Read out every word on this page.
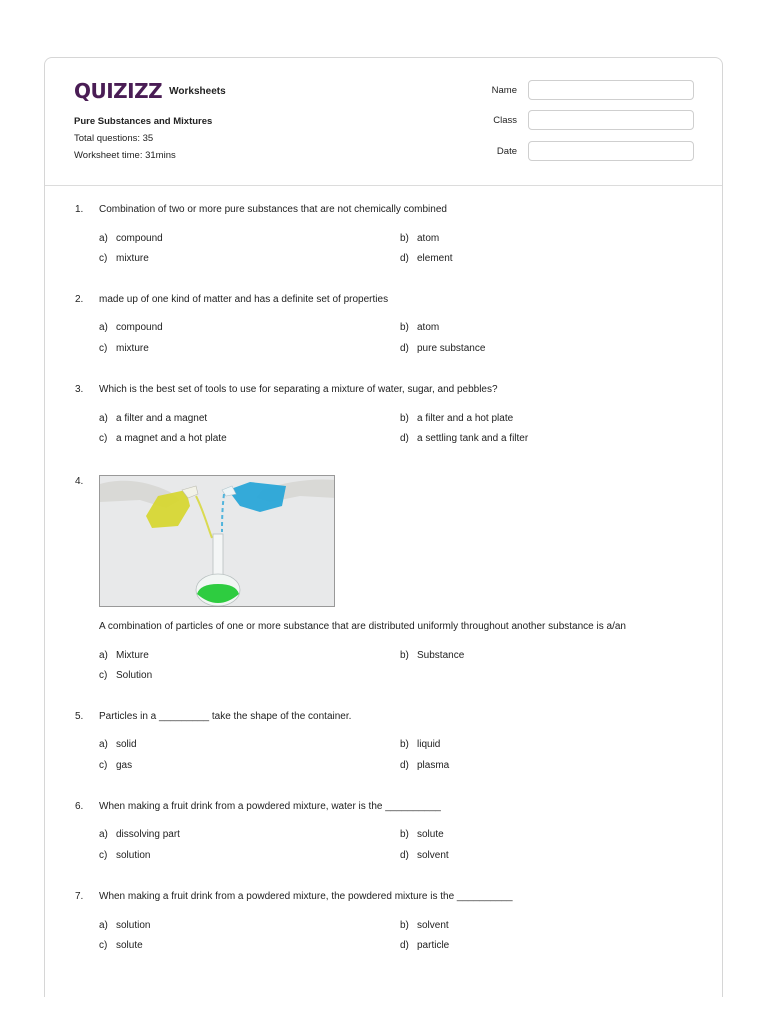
QUIZIZZ Worksheets
Pure Substances and Mixtures
Total questions: 35
Worksheet time: 31mins
Name
Class
Date
1.	Combination of two or more pure substances that are not chemically combined
a) compound	b) atom
c) mixture	d) element
2.	made up of one kind of matter and has a definite set of properties
a) compound	b) atom
c) mixture	d) pure substance
3.	Which is the best set of tools to use for separating a mixture of water, sugar, and pebbles?
a) a filter and a magnet	b) a filter and a hot plate
c) a magnet and a hot plate	d) a settling tank and a filter
4.
A combination of particles of one or more substance that are distributed uniformly throughout another substance is a/an
a) Mixture	b) Substance
c) Solution
5.	Particles in a _________ take the shape of the container.
a) solid	b) liquid
c) gas	d) plasma
6.	When making a fruit drink from a powdered mixture, water is the __________
a) dissolving part	b) solute
c) solution	d) solvent
7.	When making a fruit drink from a powdered mixture, the powdered mixture is the __________
a) solution	b) solvent
c) solute	d) particle
